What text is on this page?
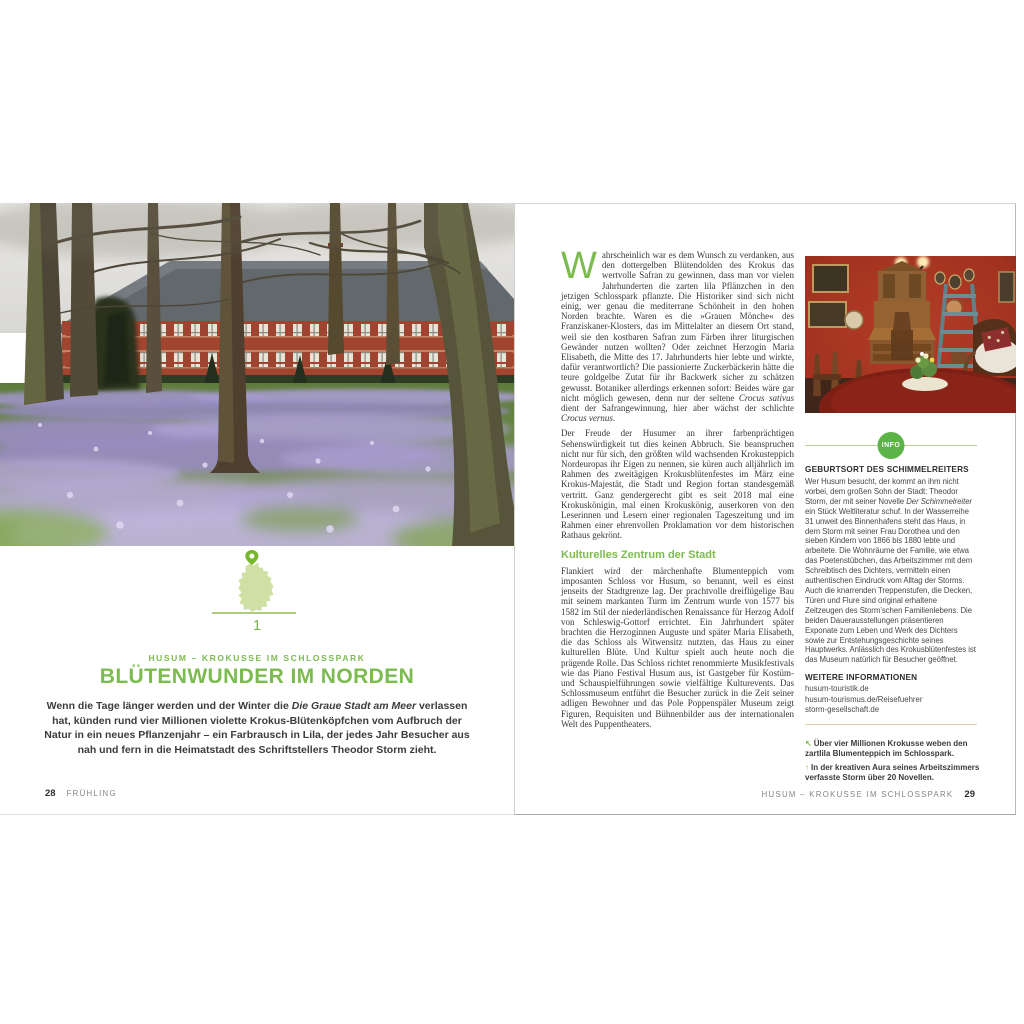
1
HUSUM – KROKUSSE IM SCHLOSSPARK
BLÜTENWUNDER IM NORDEN
Wenn die Tage länger werden und der Winter die Die Graue Stadt am Meer verlassen hat, künden rund vier Millionen violette Krokus-Blütenköpfchen vom Aufbruch der Natur in ein neues Pflanzenjahr – ein Farbrausch in Lila, der jedes Jahr Besucher aus nah und fern in die Heimatstadt des Schriftstellers Theodor Storm zieht.
28 FRÜHLING

Wahrscheinlich war es dem Wunsch zu verdanken, aus den dottergelben Blütendolden des Krokus das wertvolle Safran zu gewinnen, dass man vor vielen Jahrhunderten die zarten lila Pflänzchen in den jetzigen Schlosspark pflanzte. Die Historiker sind sich nicht einig, wer genau die mediterrane Schönheit in den hohen Norden brachte. Waren es die »Grauen Mönche« des Franziskaner-Klosters, das im Mittelalter an diesem Ort stand, weil sie den kostbaren Safran zum Färben ihrer liturgischen Gewänder nutzen wollten? Oder zeichnet Herzogin Maria Elisabeth, die Mitte des 17. Jahrhunderts hier lebte und wirkte, dafür verantwortlich? Die passionierte Zuckerbäckerin hätte die teure goldgelbe Zutat für ihr Backwerk sicher zu schätzen gewusst. Botaniker allerdings erkennen sofort: Beides wäre gar nicht möglich gewesen, denn nur der seltene Crocus sativus dient der Safrangewinnung, hier aber wächst der schlichte Crocus vernus.

Der Freude der Husumer an ihrer farbenprächtigen Sehenswürdigkeit tut dies keinen Abbruch. Sie beanspruchen nicht nur für sich, den größten wild wachsenden Krokusteppich Nordeuropas ihr Eigen zu nennen, sie küren auch alljährlich im Rahmen des zweitägigen Krokusblütenfestes im März eine Krokus-Majestät, die Stadt und Region fortan standesgemäß vertritt. Ganz gendergerecht gibt es seit 2018 mal eine Krokuskönigin, mal einen Krokuskönig, auserkoren von den Leserinnen und Lesern einer regionalen Tageszeitung und im Rahmen einer ehrenvollen Proklamation vor dem historischen Rathaus gekrönt.

Kulturelles Zentrum der Stadt

Flankiert wird der märchenhafte Blumenteppich vom imposanten Schloss vor Husum, so benannt, weil es einst jenseits der Stadtgrenze lag. Der prachtvolle dreiflügelige Bau mit seinem markanten Turm im Zentrum wurde von 1577 bis 1582 im Stil der niederländischen Renaissance für Herzog Adolf von Schleswig-Gottorf errichtet. Ein Jahrhundert später brachten die Herzoginnen Auguste und später Maria Elisabeth, die das Schloss als Witwensitz nutzten, das Haus zu einer kulturellen Blüte. Und Kultur spielt auch heute noch die prägende Rolle. Das Schloss richtet renommierte Musikfestivals wie das Piano Festival Husum aus, ist Gastgeber für Kostüm- und Schauspielführungen sowie vielfältige Kulturevents. Das Schlossmuseum entführt die Besucher zurück in die Zeit seiner adligen Bewohner und das Pole Poppenspäler Museum zeigt Figuren, Requisiten und Bühnenbilder aus der internationalen Welt des Puppentheaters.

INFO
GEBURTSORT DES SCHIMMELREITERS
Wer Husum besucht, der kommt an ihm nicht vorbei, dem großen Sohn der Stadt: Theodor Storm, der mit seiner Novelle Der Schimmelreiter ein Stück Weltliteratur schuf. In der Wasserreihe 31 unweit des Binnenhafens steht das Haus, in dem Storm mit seiner Frau Dorothea und den sieben Kindern von 1866 bis 1880 lebte und arbeitete. Die Wohnräume der Familie, wie etwa das Poetenstübchen, das Arbeitszimmer mit dem Schreibtisch des Dichters, vermitteln einen authentischen Eindruck vom Alltag der Storms. Auch die knarrenden Treppenstufen, die Decken, Türen und Flure sind original erhaltene Zeitzeugen des Storm’schen Familienlebens. Die beiden Dauerausstellungen präsentieren Exponate zum Leben und Werk des Dichters sowie zur Entstehungsgeschichte seines Hauptwerks. Anlässlich des Krokusblütenfestes ist das Museum natürlich für Besucher geöffnet.
WEITERE INFORMATIONEN
husum-touristik.de
husum-tourismus.de/Reisefuehrer
storm-gesellschaft.de
↖ Über vier Millionen Krokusse weben den zartlila Blumenteppich im Schlosspark.
↑ In der kreativen Aura seines Arbeitszimmers verfasste Storm über 20 Novellen.
HUSUM – KROKUSSE IM SCHLOSSPARK 29
